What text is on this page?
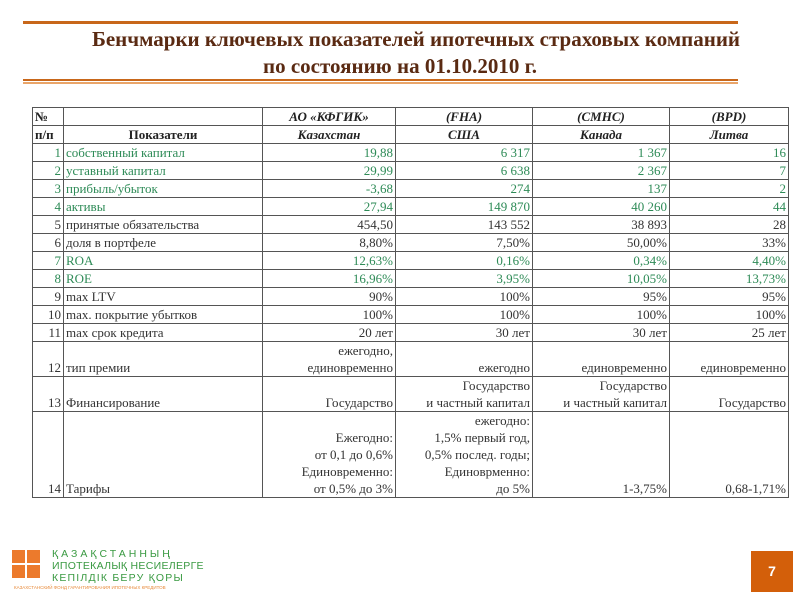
Бенчмарки ключевых показателей ипотечных страховых компаний
по состоянию на 01.10.2010 г.
№		АО «КФГИК»	(FHA)	(CMHC)	(BPD)
п/п	Показатели	Казахстан	США	Канада	Литва
1	собственный капитал	19,88	6 317	1 367	16
2	уставный капитал	29,99	6 638	2 367	7
3	прибыль/убыток	-3,68	274	137	2
4	активы	27,94	149 870	40 260	44
5	принятые обязательства	454,50	143 552	38 893	28
6	доля в портфеле	8,80%	7,50%	50,00%	33%
7	ROA	12,63%	0,16%	0,34%	4,40%
8	ROE	16,96%	3,95%	10,05%	13,73%
9	max LTV	90%	100%	95%	95%
10	max. покрытие убытков	100%	100%	100%	100%
11	max срок кредита	20 лет	30 лет	30 лет	25 лет
12	тип премии	ежегодно,
единовременно	ежегодно	единовременно	единовременно
13	Финансирование	Государство	Государство
и частный капитал	Государство
и частный капитал	Государство
14	Тарифы	Ежегодно:
от 0,1 до 0,6%
Единовременно:
от 0,5% до 3%	ежегодно:
1,5% первый год,
0,5% послед. годы;
Единоврменно:
до 5%	1-3,75%	0,68-1,71%
ҚАЗАҚСТАННЫҢ
ИПОТЕКАЛЫҚ НЕСИЕЛЕРГЕ
КЕПІЛДІК БЕРУ ҚОРЫ
КАЗАХСТАНСКИЙ ФОНД ГАРАНТИРОВАНИЯ ИПОТЕЧНЫХ КРЕДИТОВ
7
